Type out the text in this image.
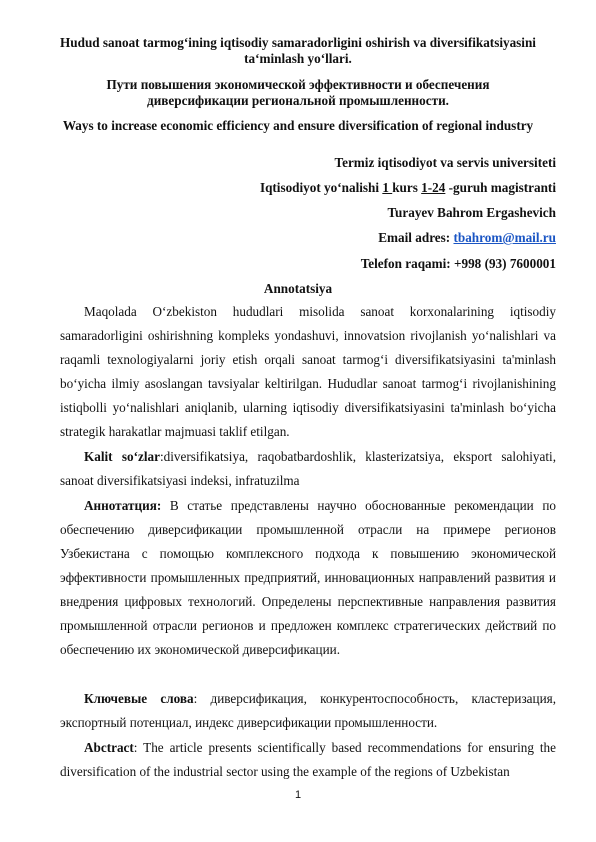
Hudud sanoat tarmog‘ining iqtisodiy samaradorligini oshirish va diversifikatsiyasini ta‘minlash yo‘llari.
Пути повышения экономической эффективности и обеспечения диверсификации региональной промышленности.
Ways to increase economic efficiency and ensure diversification of regional industry
Termiz iqtisodiyot va servis universiteti
Iqtisodiyot yo‘nalishi 1 kurs 1-24 -guruh magistranti
Turayev Bahrom Ergashevich
Email adres: tbahrom@mail.ru
Telefon raqami: +998 (93) 7600001
Annotatsiya
Maqolada O‘zbekiston hududlari misolida sanoat korxonalarining iqtisodiy samaradorligini oshirishning kompleks yondashuvi, innovatsion rivojlanish yo‘nalishlari va raqamli texnologiyalarni joriy etish orqali sanoat tarmog‘i diversifikatsiyasini ta'minlash bo‘yicha ilmiy asoslangan tavsiyalar keltirilgan. Hududlar sanoat tarmog‘i rivojlanishining istiqbolli yo‘nalishlari aniqlanib, ularning iqtisodiy diversifikatsiyasini ta'minlash bo‘yicha strategik harakatlar majmuasi taklif etilgan.
Kalit so‘zlar:diversifikatsiya, raqobatbardoshlik, klasterizatsiya, eksport salohiyati, sanoat diversifikatsiyasi indeksi, infratuzilma
Аннотатция: В статье представлены научно обоснованные рекомендации по обеспечению диверсификации промышленной отрасли на примере регионов Узбекистана с помощью комплексного подхода к повышению экономической эффективности промышленных предприятий, инновационных направлений развития и внедрения цифровых технологий. Определены перспективные направления развития промышленной отрасли регионов и предложен комплекс стратегических действий по обеспечению их экономической диверсификации.
Ключевые слова: диверсификация, конкурентоспособность, кластеризация, экспортный потенциал, индекс диверсификации промышленности.
Abctract: The article presents scientifically based recommendations for ensuring the diversification of the industrial sector using the example of the regions of Uzbekistan
1
